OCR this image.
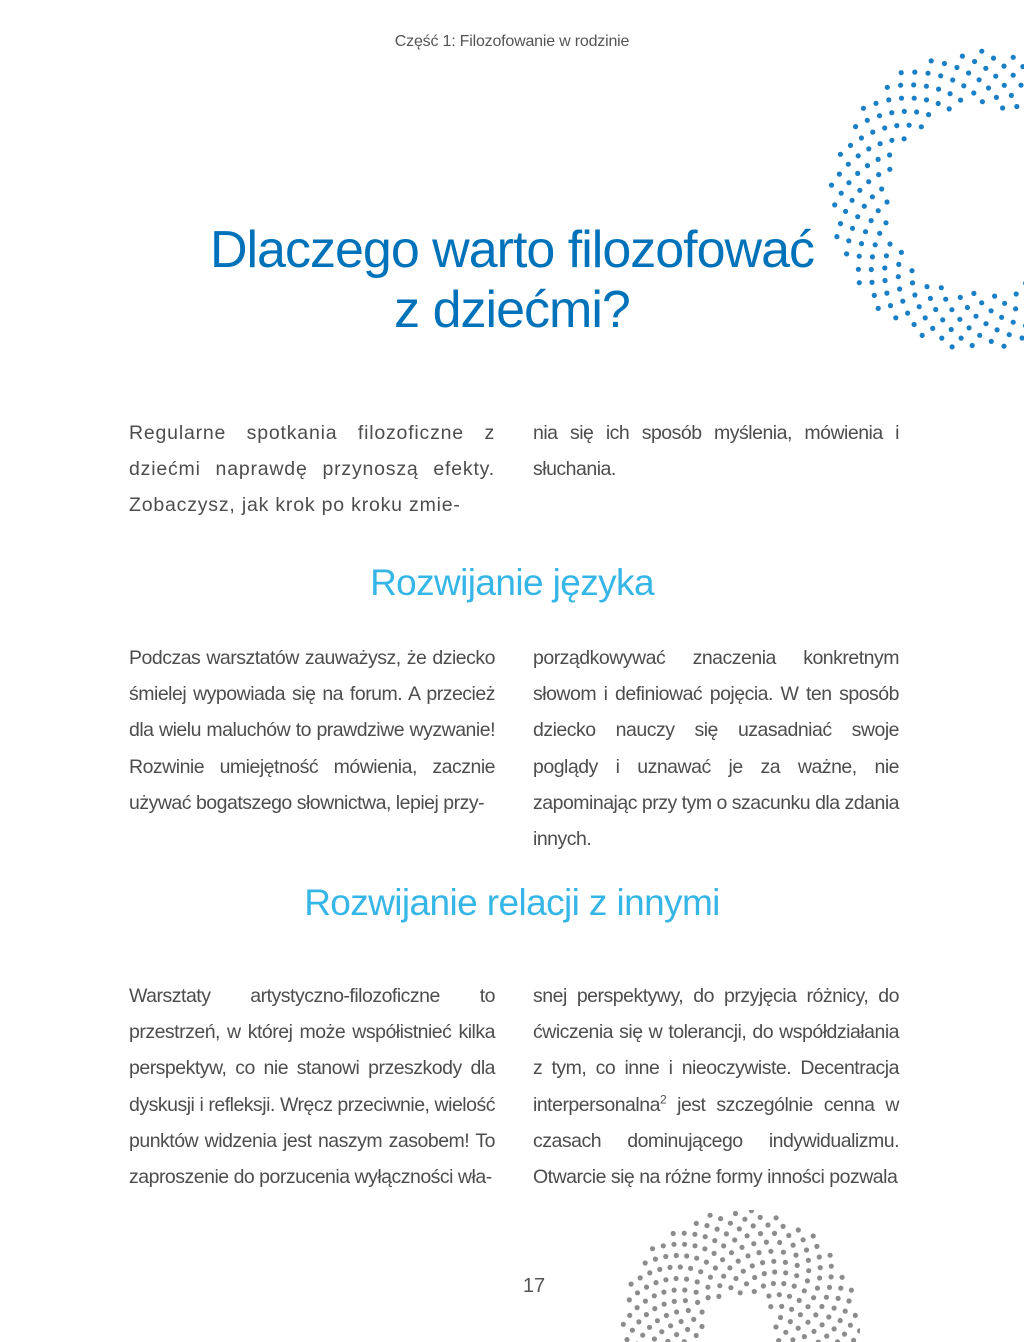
Część 1: Filozofowanie w rodzinie
Dlaczego warto filozofować
z dziećmi?

Regularne spotkania filozoficzne z dziećmi naprawdę przynoszą efekty. Zobaczysz, jak krok po kroku zmie-

nia się ich sposób myślenia, mówienia i słuchania.

Rozwijanie języka

Podczas warsztatów zauważysz, że dziecko śmielej wypowiada się na forum. A przecież dla wielu maluchów to prawdziwe wyzwanie! Rozwinie umiejętność mówienia, zacznie używać bogatszego słownictwa, lepiej przy-

porządkowywać znaczenia konkretnym słowom i definiować pojęcia. W ten sposób dziecko nauczy się uzasadniać swoje poglądy i uznawać je za ważne, nie zapominając przy tym o szacunku dla zdania innych.

Rozwijanie relacji z innymi

Warsztaty artystyczno-filozoficzne to przestrzeń, w której może współistnieć kilka perspektyw, co nie stanowi przeszkody dla dyskusji i refleksji. Wręcz przeciwnie, wielość punktów widzenia jest naszym zasobem! To zaproszenie do porzucenia wyłączności wła-

snej perspektywy, do przyjęcia różnicy, do ćwiczenia się w tolerancji, do współdziałania z tym, co inne i nieoczywiste. Decentracja interpersonalna$^2$ jest szczególnie cenna w czasach dominującego indywidualizmu. Otwarcie się na różne formy inności pozwala

17
